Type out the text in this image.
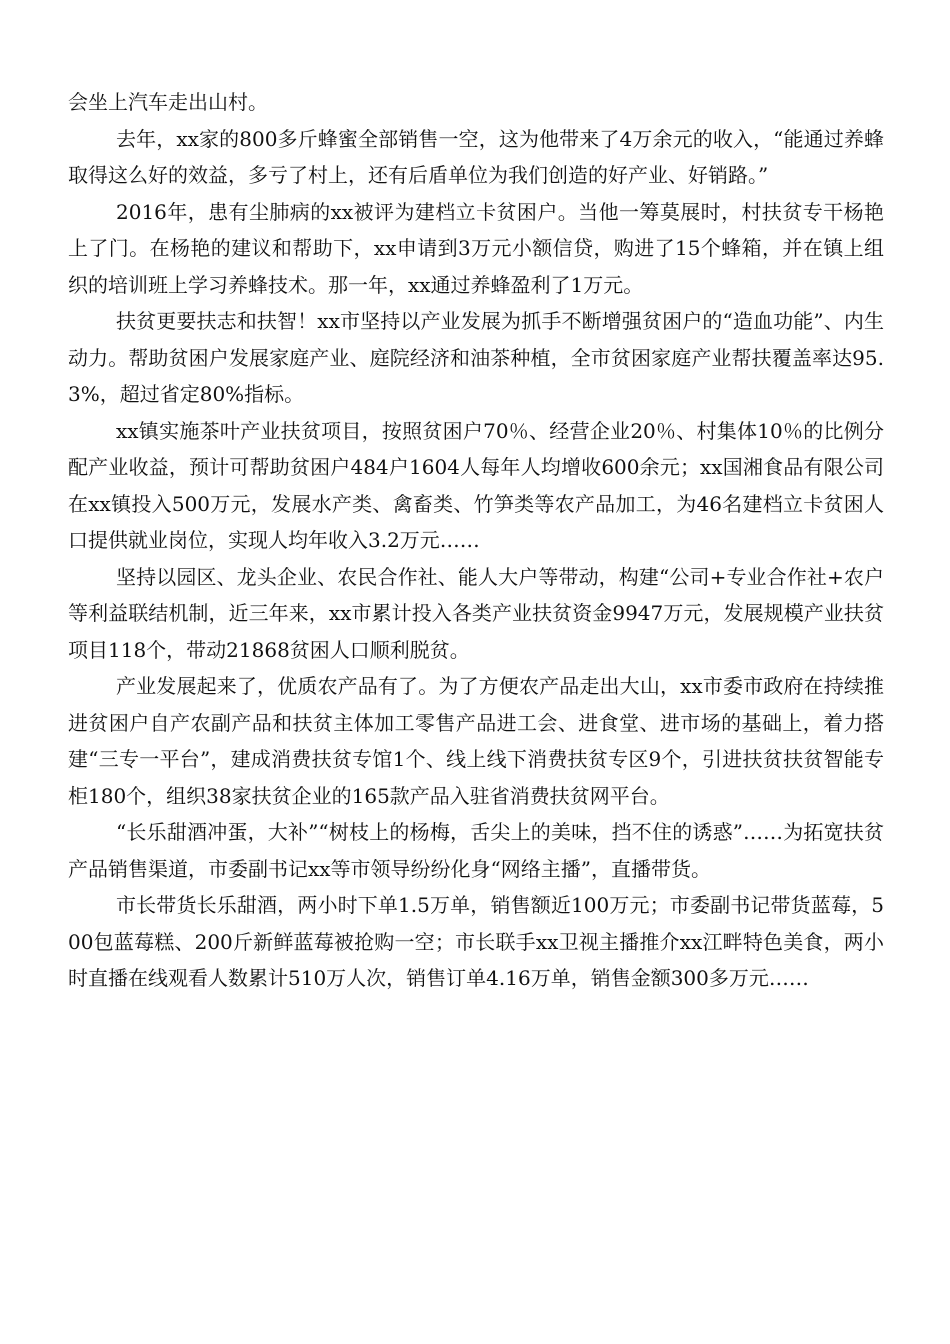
会坐上汽车走出山村。

去年，xx家的800多斤蜂蜜全部销售一空，这为他带来了4万余元的收入，“能通过养蜂取得这么好的效益，多亏了村上，还有后盾单位为我们创造的好产业、好销路。”

2016年，患有尘肺病的xx被评为建档立卡贫困户。当他一筹莫展时，村扶贫专干杨艳上了门。在杨艳的建议和帮助下，xx申请到3万元小额信贷，购进了15个蜂箱，并在镇上组织的培训班上学习养蜂技术。那一年，xx通过养蜂盈利了1万元。

扶贫更要扶志和扶智！xx市坚持以产业发展为抓手不断增强贫困户的“造血功能”、内生动力。帮助贫困户发展家庭产业、庭院经济和油茶种植，全市贫困家庭产业帮扶覆盖率达95.3%，超过省定80%指标。

xx镇实施茶叶产业扶贫项目，按照贫困户70％、经营企业20％、村集体10％的比例分配产业收益，预计可帮助贫困户484户1604人每年人均增收600余元；xx国湘食品有限公司在xx镇投入500万元，发展水产类、禽畜类、竹笋类等农产品加工，为46名建档立卡贫困人口提供就业岗位，实现人均年收入3.2万元……

坚持以园区、龙头企业、农民合作社、能人大户等带动，构建“公司+专业合作社+农户等利益联结机制，近三年来，xx市累计投入各类产业扶贫资金9947万元，发展规模产业扶贫项目118个，带动21868贫困人口顺利脱贫。

产业发展起来了，优质农产品有了。为了方便农产品走出大山，xx市委市政府在持续推进贫困户自产农副产品和扶贫主体加工零售产品进工会、进食堂、进市场的基础上，着力搭建“三专一平台”，建成消费扶贫专馆1个、线上线下消费扶贫专区9个，引进扶贫扶贫智能专柜180个，组织38家扶贫企业的165款产品入驻省消费扶贫网平台。

“长乐甜酒冲蛋，大补”“树枝上的杨梅，舌尖上的美味，挡不住的诱惑”……为拓宽扶贫产品销售渠道，市委副书记xx等市领导纷纷化身“网络主播”，直播带货。

市长带货长乐甜酒，两小时下单1.5万单，销售额近100万元；市委副书记带货蓝莓，500包蓝莓糕、200斤新鲜蓝莓被抢购一空；市长联手xx卫视主播推介xx江畔特色美食，两小时直播在线观看人数累计510万人次，销售订单4.16万单，销售金额300多万元……
